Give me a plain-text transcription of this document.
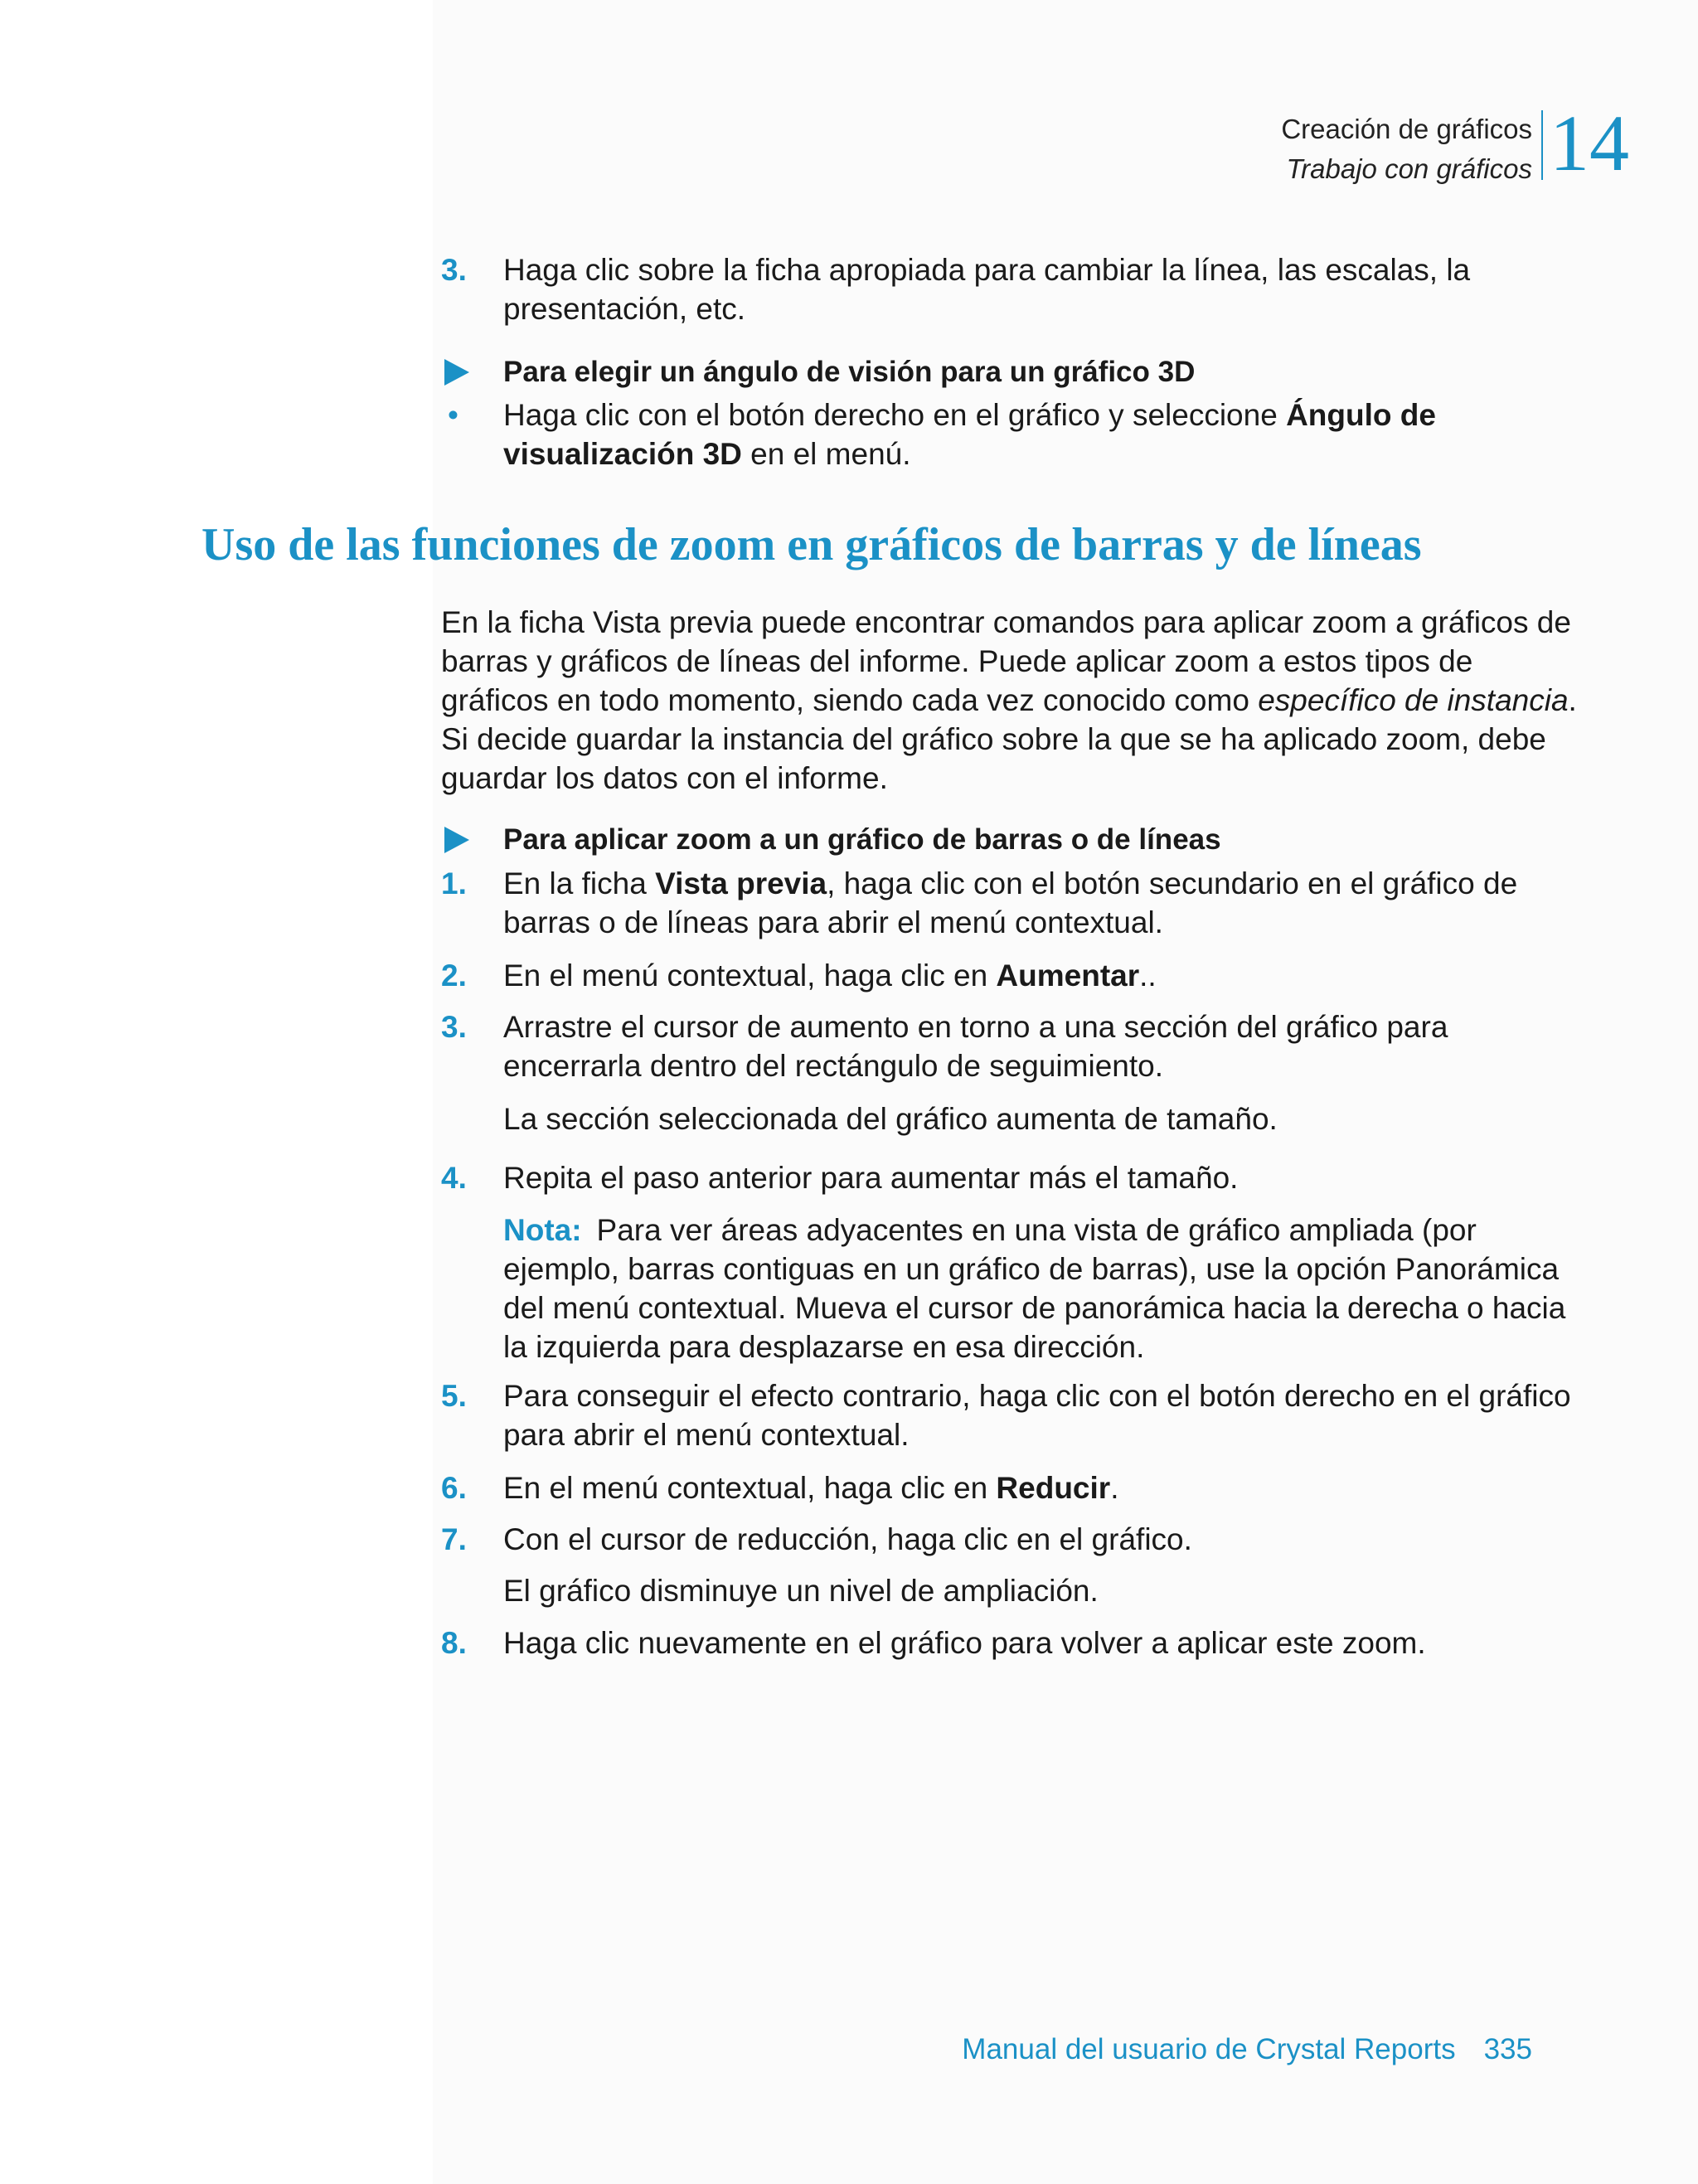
Creación de gráficos
Trabajo con gráficos 14
3.	Haga clic sobre la ficha apropiada para cambiar la línea, las escalas, la presentación, etc.
Para elegir un ángulo de visión para un gráfico 3D
• Haga clic con el botón derecho en el gráfico y seleccione Ángulo de visualización 3D en el menú.
Uso de las funciones de zoom en gráficos de barras y de líneas
En la ficha Vista previa puede encontrar comandos para aplicar zoom a gráficos de barras y gráficos de líneas del informe. Puede aplicar zoom a estos tipos de gráficos en todo momento, siendo cada vez conocido como específico de instancia. Si decide guardar la instancia del gráfico sobre la que se ha aplicado zoom, debe guardar los datos con el informe.
Para aplicar zoom a un gráfico de barras o de líneas
1.	En la ficha Vista previa, haga clic con el botón secundario en el gráfico de barras o de líneas para abrir el menú contextual.
2.	En el menú contextual, haga clic en Aumentar..
3.	Arrastre el cursor de aumento en torno a una sección del gráfico para encerrarla dentro del rectángulo de seguimiento.
La sección seleccionada del gráfico aumenta de tamaño.
4.	Repita el paso anterior para aumentar más el tamaño.
Nota: Para ver áreas adyacentes en una vista de gráfico ampliada (por ejemplo, barras contiguas en un gráfico de barras), use la opción Panorámica del menú contextual. Mueva el cursor de panorámica hacia la derecha o hacia la izquierda para desplazarse en esa dirección.
5.	Para conseguir el efecto contrario, haga clic con el botón derecho en el gráfico para abrir el menú contextual.
6.	En el menú contextual, haga clic en Reducir.
7.	Con el cursor de reducción, haga clic en el gráfico.
El gráfico disminuye un nivel de ampliación.
8.	Haga clic nuevamente en el gráfico para volver a aplicar este zoom.
Manual del usuario de Crystal Reports 335
